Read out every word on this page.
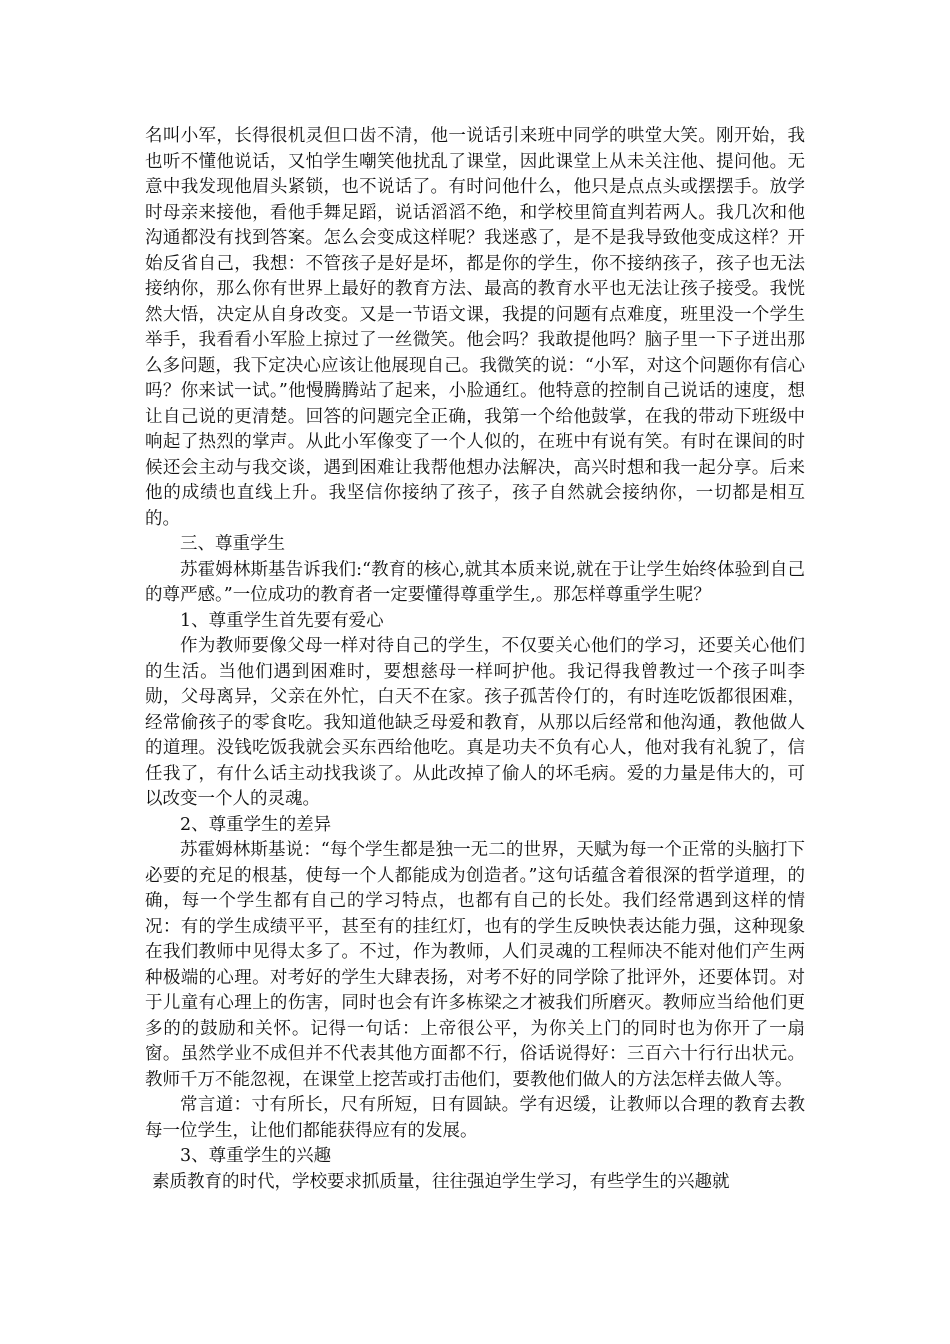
名叫小军，长得很机灵但口齿不清，他一说话引来班中同学的哄堂大笑。刚开始，我也听不懂他说话，又怕学生嘲笑他扰乱了课堂，因此课堂上从未关注他、提问他。无意中我发现他眉头紧锁，也不说话了。有时问他什么，他只是点点头或摆摆手。放学时母亲来接他，看他手舞足蹈，说话滔滔不绝，和学校里简直判若两人。我几次和他沟通都没有找到答案。怎么会变成这样呢？我迷惑了，是不是我导致他变成这样？开始反省自己，我想：不管孩子是好是坏，都是你的学生，你不接纳孩子，孩子也无法接纳你，那么你有世界上最好的教育方法、最高的教育水平也无法让孩子接受。我恍然大悟，决定从自身改变。又是一节语文课，我提的问题有点难度，班里没一个学生举手，我看看小军脸上掠过了一丝微笑。他会吗？我敢提他吗？脑子里一下子迸出那么多问题，我下定决心应该让他展现自己。我微笑的说：“小军，对这个问题你有信心吗？你来试一试。”他慢腾腾站了起来，小脸通红。他特意的控制自己说话的速度，想让自己说的更清楚。回答的问题完全正确，我第一个给他鼓掌，在我的带动下班级中响起了热烈的掌声。从此小军像变了一个人似的，在班中有说有笑。有时在课间的时候还会主动与我交谈，遇到困难让我帮他想办法解决，高兴时想和我一起分享。后来他的成绩也直线上升。我坚信你接纳了孩子，孩子自然就会接纳你，一切都是相互的。

三、尊重学生

苏霍姆林斯基告诉我们:“教育的核心,就其本质来说,就在于让学生始终体验到自己的尊严感。”一位成功的教育者一定要懂得尊重学生,。那怎样尊重学生呢？

1、尊重学生首先要有爱心

作为教师要像父母一样对待自己的学生，不仅要关心他们的学习，还要关心他们的生活。当他们遇到困难时，要想慈母一样呵护他。我记得我曾教过一个孩子叫李勋，父母离异，父亲在外忙，白天不在家。孩子孤苦伶仃的，有时连吃饭都很困难，经常偷孩子的零食吃。我知道他缺乏母爱和教育，从那以后经常和他沟通，教他做人的道理。没钱吃饭我就会买东西给他吃。真是功夫不负有心人，他对我有礼貌了，信任我了，有什么话主动找我谈了。从此改掉了偷人的坏毛病。爱的力量是伟大的，可以改变一个人的灵魂。

2、尊重学生的差异

苏霍姆林斯基说：“每个学生都是独一无二的世界，天赋为每一个正常的头脑打下必要的充足的根基，使每一个人都能成为创造者。”这句话蕴含着很深的哲学道理，的确，每一个学生都有自己的学习特点，也都有自己的长处。我们经常遇到这样的情况：有的学生成绩平平，甚至有的挂红灯，也有的学生反映快表达能力强，这种现象在我们教师中见得太多了。不过，作为教师，人们灵魂的工程师决不能对他们产生两种极端的心理。对考好的学生大肆表扬，对考不好的同学除了批评外，还要体罚。对于儿童有心理上的伤害，同时也会有许多栋梁之才被我们所磨灭。教师应当给他们更多的的鼓励和关怀。记得一句话：上帝很公平，为你关上门的同时也为你开了一扇窗。虽然学业不成但并不代表其他方面都不行，俗话说得好：三百六十行行出状元。教师千万不能忽视，在课堂上挖苦或打击他们，要教他们做人的方法怎样去做人等。

常言道：寸有所长，尺有所短，日有圆缺。学有迟缓，让教师以合理的教育去教每一位学生，让他们都能获得应有的发展。

3、尊重学生的兴趣

素质教育的时代，学校要求抓质量，往往强迫学生学习，有些学生的兴趣就
